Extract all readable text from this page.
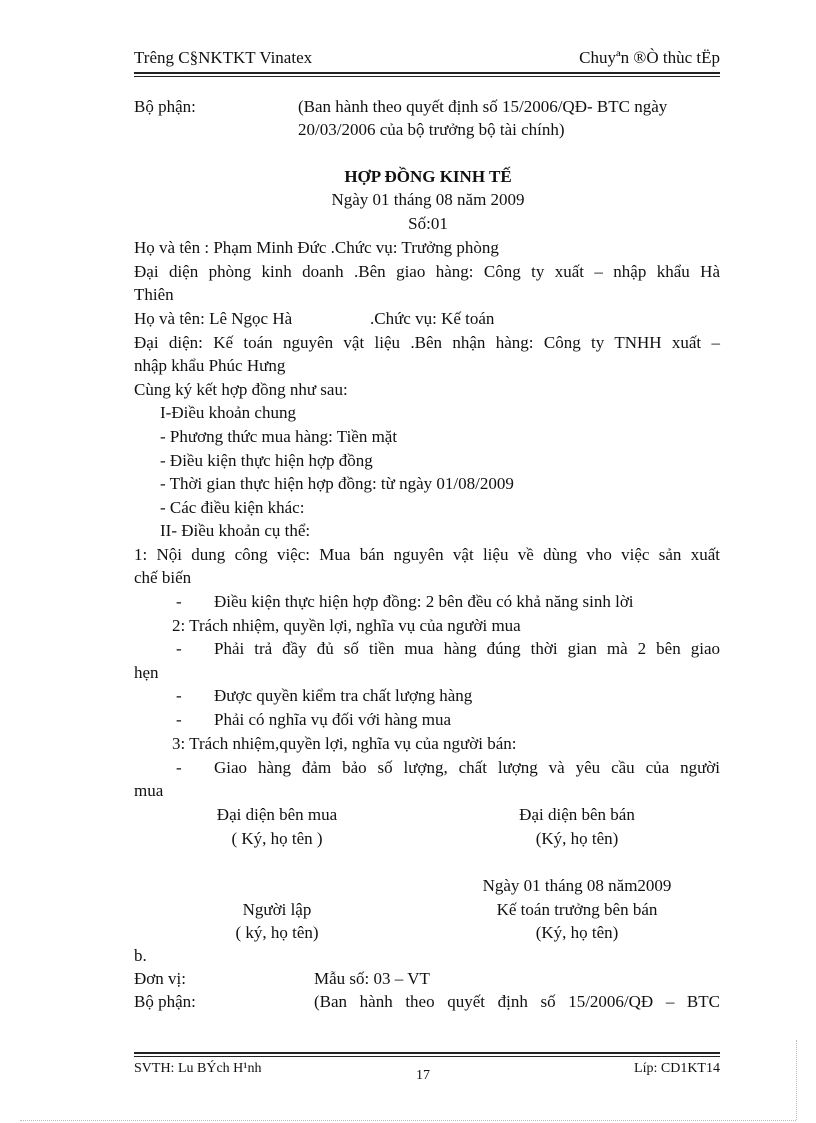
Trêng C§NKTKT Vinatex	Chuyªn ®Ò thùc tËp
Bộ phận:	(Ban hành theo quyết định số 15/2006/QĐ- BTC ngày
20/03/2006 của bộ trưởng bộ tài chính)
HỢP ĐỒNG KINH TẾ
Ngày 01 tháng 08 năm 2009
Số:01
Họ và tên : Phạm Minh Đức .Chức vụ: Trưởng phòng
Đại diện phòng kinh doanh .Bên giao hàng: Công ty xuất – nhập khẩu Hà
Thiên
Họ và tên: Lê Ngọc Hà	.Chức vụ: Kế toán
Đại diện: Kế toán nguyên vật liệu .Bên nhận hàng: Công ty TNHH xuất –
nhập khẩu Phúc Hưng
Cùng ký kết hợp đồng như sau:
I-Điều khoản chung
- Phương thức mua hàng: Tiền mặt
- Điều kiện thực hiện hợp đồng
- Thời gian thực hiện hợp đồng: từ ngày 01/08/2009
- Các điều kiện khác:
II- Điều khoản cụ thể:
1: Nội dung công việc: Mua bán nguyên vật liệu về dùng vho việc sản xuất
chế biến
- Điều kiện thực hiện hợp đồng: 2 bên đều có khả năng sinh lời
2: Trách nhiệm, quyền lợi, nghĩa vụ của người mua
- Phải trả đầy đủ số tiền mua hàng đúng thời gian mà 2 bên giao
hẹn
- Được quyền kiểm tra chất lượng hàng
- Phải có nghĩa vụ đối với hàng mua
3: Trách nhiệm,quyền lợi, nghĩa vụ của người bán:
- Giao hàng đảm bảo số lượng, chất lượng và yêu cầu của người
mua
Đại diện bên mua	Đại diện bên bán
( Ký, họ tên )	(Ký, họ tên)
Ngày 01 tháng 08 năm2009
Người lập	Kế toán trưởng bên bán
( ký, họ tên)	(Ký, họ tên)
b.
Đơn vị:	Mẫu số: 03 – VT
Bộ phận:	(Ban hành theo quyết định số 15/2006/QĐ – BTC
SVTH: Lu BÝch H¹nh	17	Líp: CD1KT14
